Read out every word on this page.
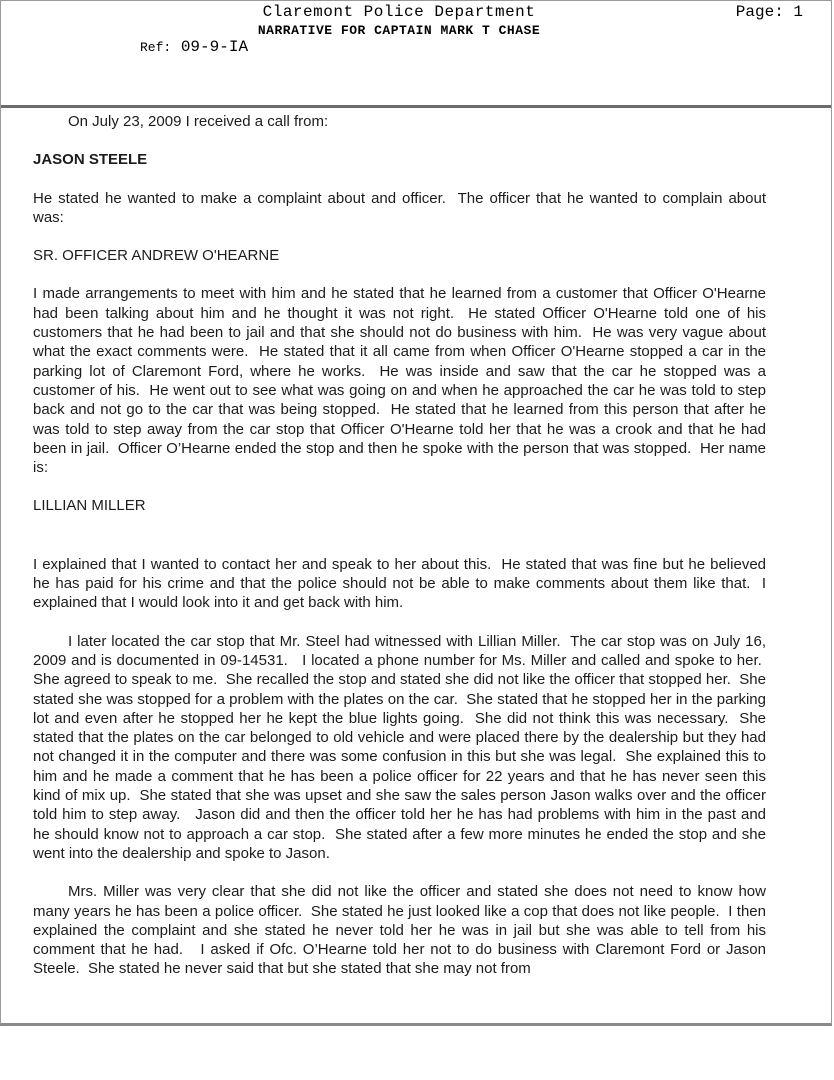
Claremont Police Department	Page: 1
NARRATIVE FOR CAPTAIN MARK T CHASE
Ref: 09-9-IA

On July 23, 2009 I received a call from:

JASON STEELE

He stated he wanted to make a complaint about and officer.  The officer that he wanted to complain about was:

SR. OFFICER ANDREW O'HEARNE

I made arrangements to meet with him and he stated that he learned from a customer that Officer O'Hearne had been talking about him and he thought it was not right.  He stated Officer O'Hearne told one of his customers that he had been to jail and that she should not do business with him.  He was very vague about what the exact comments were.  He stated that it all came from when Officer O'Hearne stopped a car in the parking lot of Claremont Ford, where he works.  He was inside and saw that the car he stopped was a customer of his.  He went out to see what was going on and when he approached the car he was told to step back and not go to the car that was being stopped.  He stated that he learned from this person that after he was told to step away from the car stop that Officer O'Hearne told her that he was a crook and that he had been in jail.  Officer O’Hearne ended the stop and then he spoke with the person that was stopped.  Her name is:

LILLIAN MILLER

I explained that I wanted to contact her and speak to her about this.  He stated that was fine but he believed he has paid for his crime and that the police should not be able to make comments about them like that.  I explained that I would look into it and get back with him.

I later located the car stop that Mr. Steel had witnessed with Lillian Miller.  The car stop was on July 16, 2009 and is documented in 09-14531.   I located a phone number for Ms. Miller and called and spoke to her.  She agreed to speak to me.  She recalled the stop and stated she did not like the officer that stopped her.  She stated she was stopped for a problem with the plates on the car.  She stated that he stopped her in the parking lot and even after he stopped her he kept the blue lights going.  She did not think this was necessary.  She stated that the plates on the car belonged to old vehicle and were placed there by the dealership but they had not changed it in the computer and there was some confusion in this but she was legal.  She explained this to him and he made a comment that he has been a police officer for 22 years and that he has never seen this kind of mix up.  She stated that she was upset and she saw the sales person Jason walks over and the officer told him to step away.   Jason did and then the officer told her he has had problems with him in the past and he should know not to approach a car stop.  She stated after a few more minutes he ended the stop and she went into the dealership and spoke to Jason.

Mrs. Miller was very clear that she did not like the officer and stated she does not need to know how many years he has been a police officer.  She stated he just looked like a cop that does not like people.  I then explained the complaint and she stated he never told her he was in jail but she was able to tell from his comment that he had.   I asked if Ofc. O’Hearne told her not to do business with Claremont Ford or Jason Steele.  She stated he never said that but she stated that she may not from
